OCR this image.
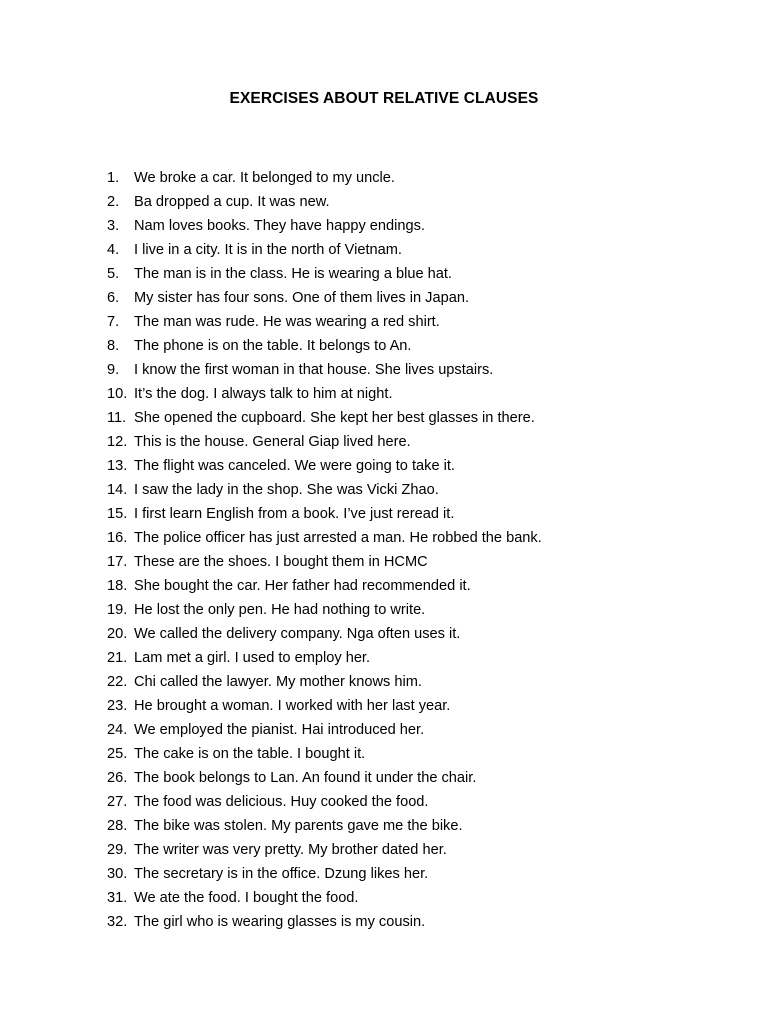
EXERCISES ABOUT RELATIVE CLAUSES
1.	We broke a car. It belonged to my uncle.
2.	Ba dropped a cup. It was new.
3.	Nam loves books. They have happy endings.
4.	I live in a city. It is in the north of Vietnam.
5.	The man is in the class. He is wearing a blue hat.
6.	My sister has four sons. One of them lives in Japan.
7.	The man was rude. He was wearing a red shirt.
8.	The phone is on the table. It belongs to An.
9.	I know the first woman in that house. She lives upstairs.
10. It’s the dog. I always talk to him at night.
11. She opened the cupboard. She kept her best glasses in there.
12. This is the house. General Giap lived here.
13. The flight was canceled. We were going to take it.
14. I saw the lady in the shop. She was Vicki Zhao.
15. I first learn English from a book. I’ve just reread it.
16. The police officer has just arrested a man. He robbed the bank.
17. These are the shoes. I bought them in HCMC
18. She bought the car. Her father had recommended it.
19. He lost the only pen. He had nothing to write.
20. We called the delivery company. Nga often uses it.
21. Lam met a girl. I used to employ her.
22. Chi called the lawyer. My mother knows him.
23. He brought a woman. I worked with her last year.
24. We employed the pianist. Hai introduced her.
25. The cake is on the table. I bought it.
26. The book belongs to Lan. An found it under the chair.
27. The food was delicious. Huy cooked the food.
28. The bike was stolen. My parents gave me the bike.
29. The writer was very pretty. My brother dated her.
30. The secretary is in the office. Dzung likes her.
31. We ate the food. I bought the food.
32. The girl who is wearing glasses is my cousin.
